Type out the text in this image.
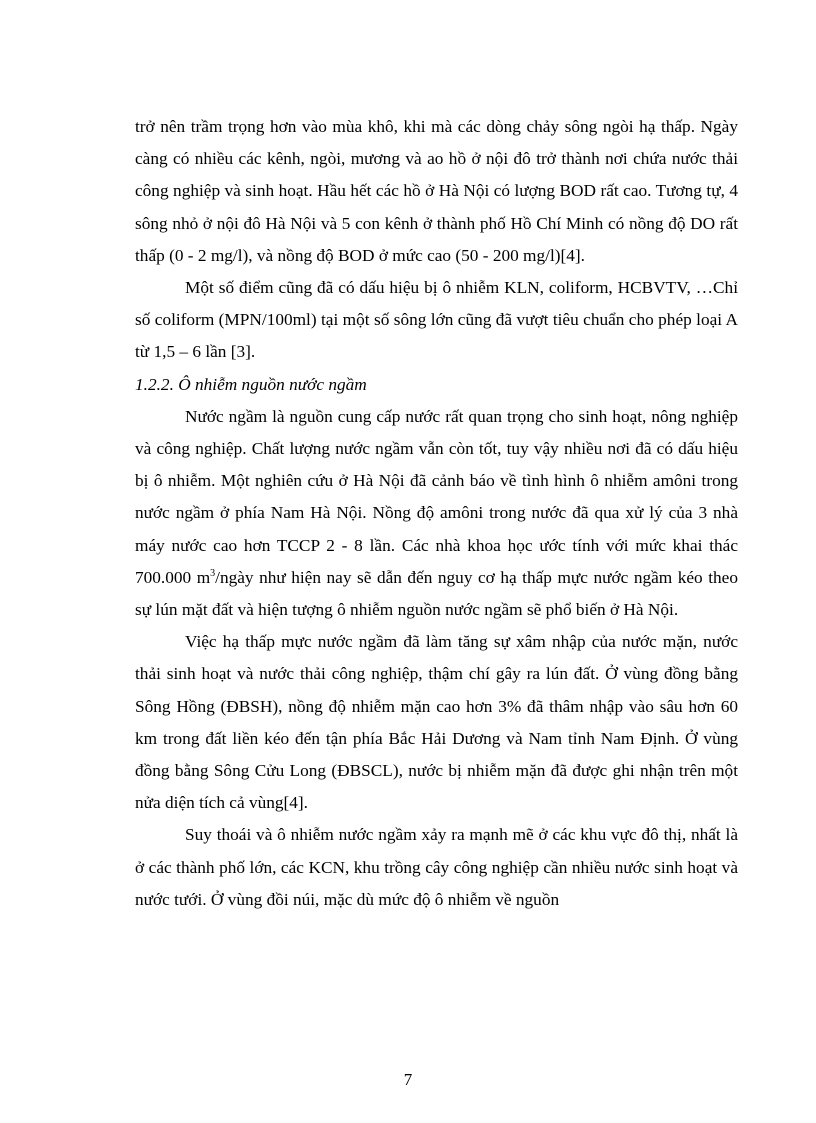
trở nên trầm trọng hơn vào mùa khô, khi mà các dòng chảy sông ngòi hạ thấp. Ngày càng có nhiều các kênh, ngòi, mương và ao hồ ở nội đô trở thành nơi chứa nước thải công nghiệp và sinh hoạt. Hầu hết các hồ ở Hà Nội có lượng BOD rất cao. Tương tự, 4 sông nhỏ ở nội đô Hà Nội và 5 con kênh ở thành phố Hồ Chí Minh có nồng độ DO rất thấp (0 - 2 mg/l), và nồng độ BOD ở mức cao (50 - 200 mg/l)[4].

Một số điểm cũng đã có dấu hiệu bị ô nhiễm KLN, coliform, HCBVTV, …Chỉ số coliform (MPN/100ml) tại một số sông lớn cũng đã vượt tiêu chuẩn cho phép loại A từ 1,5 – 6 lần [3].

1.2.2. Ô nhiễm nguồn nước ngầm

Nước ngầm là nguồn cung cấp nước rất quan trọng cho sinh hoạt, nông nghiệp và công nghiệp. Chất lượng nước ngầm vẫn còn tốt, tuy vậy nhiều nơi đã có dấu hiệu bị ô nhiễm. Một nghiên cứu ở Hà Nội đã cảnh báo về tình hình ô nhiễm amôni trong nước ngầm ở phía Nam Hà Nội. Nồng độ amôni trong nước đã qua xử lý của 3 nhà máy nước cao hơn TCCP 2 - 8 lần. Các nhà khoa học ước tính với mức khai thác 700.000 $m^3$/ngày như hiện nay sẽ dẫn đến nguy cơ hạ thấp mực nước ngầm kéo theo sự lún mặt đất và hiện tượng ô nhiễm nguồn nước ngầm sẽ phổ biến ở Hà Nội.

Việc hạ thấp mực nước ngầm đã làm tăng sự xâm nhập của nước mặn, nước thải sinh hoạt và nước thải công nghiệp, thậm chí gây ra lún đất. Ở vùng đồng bằng Sông Hồng (ĐBSH), nồng độ nhiễm mặn cao hơn 3% đã thâm nhập vào sâu hơn 60 km trong đất liền kéo đến tận phía Bắc Hải Dương và Nam tỉnh Nam Định. Ở vùng đồng bằng Sông Cửu Long (ĐBSCL), nước bị nhiễm mặn đã được ghi nhận trên một nửa diện tích cả vùng[4].

Suy thoái và ô nhiễm nước ngầm xảy ra mạnh mẽ ở các khu vực đô thị, nhất là ở các thành phố lớn, các KCN, khu trồng cây công nghiệp cần nhiều nước sinh hoạt và nước tưới. Ở vùng đồi núi, mặc dù mức độ ô nhiễm về nguồn

7
